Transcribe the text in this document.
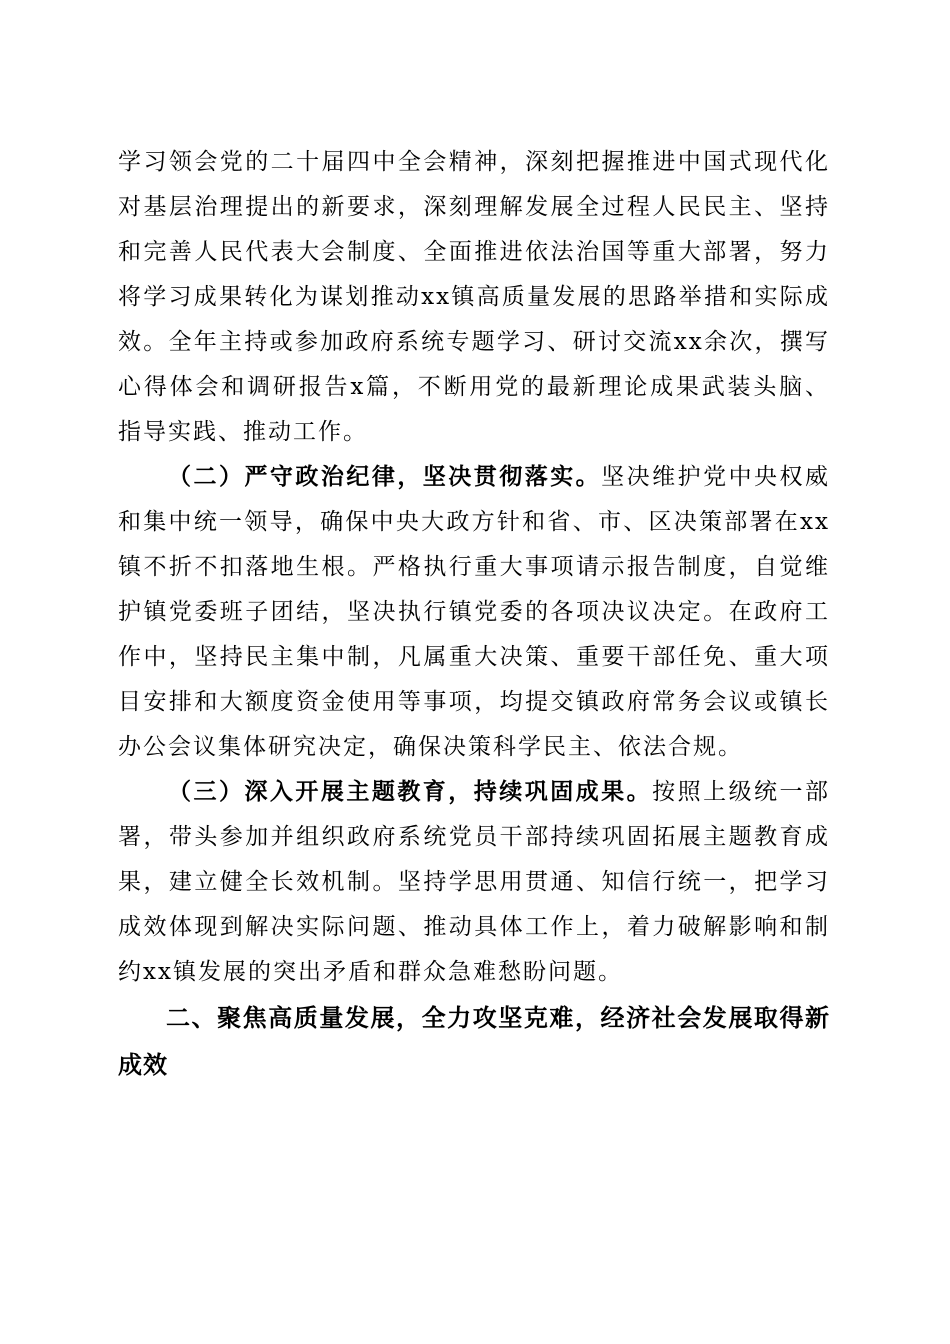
学习领会党的二十届四中全会精神，深刻把握推进中国式现代化对基层治理提出的新要求，深刻理解发展全过程人民民主、坚持和完善人民代表大会制度、全面推进依法治国等重大部署，努力将学习成果转化为谋划推动xx镇高质量发展的思路举措和实际成效。全年主持或参加政府系统专题学习、研讨交流xx余次，撰写心得体会和调研报告x篇，不断用党的最新理论成果武装头脑、指导实践、推动工作。

（二）严守政治纪律，坚决贯彻落实。坚决维护党中央权威和集中统一领导，确保中央大政方针和省、市、区决策部署在xx镇不折不扣落地生根。严格执行重大事项请示报告制度，自觉维护镇党委班子团结，坚决执行镇党委的各项决议决定。在政府工作中，坚持民主集中制，凡属重大决策、重要干部任免、重大项目安排和大额度资金使用等事项，均提交镇政府常务会议或镇长办公会议集体研究决定，确保决策科学民主、依法合规。

（三）深入开展主题教育，持续巩固成果。按照上级统一部署，带头参加并组织政府系统党员干部持续巩固拓展主题教育成果，建立健全长效机制。坚持学思用贯通、知信行统一，把学习成效体现到解决实际问题、推动具体工作上，着力破解影响和制约xx镇发展的突出矛盾和群众急难愁盼问题。

二、聚焦高质量发展，全力攻坚克难，经济社会发展取得新成效
